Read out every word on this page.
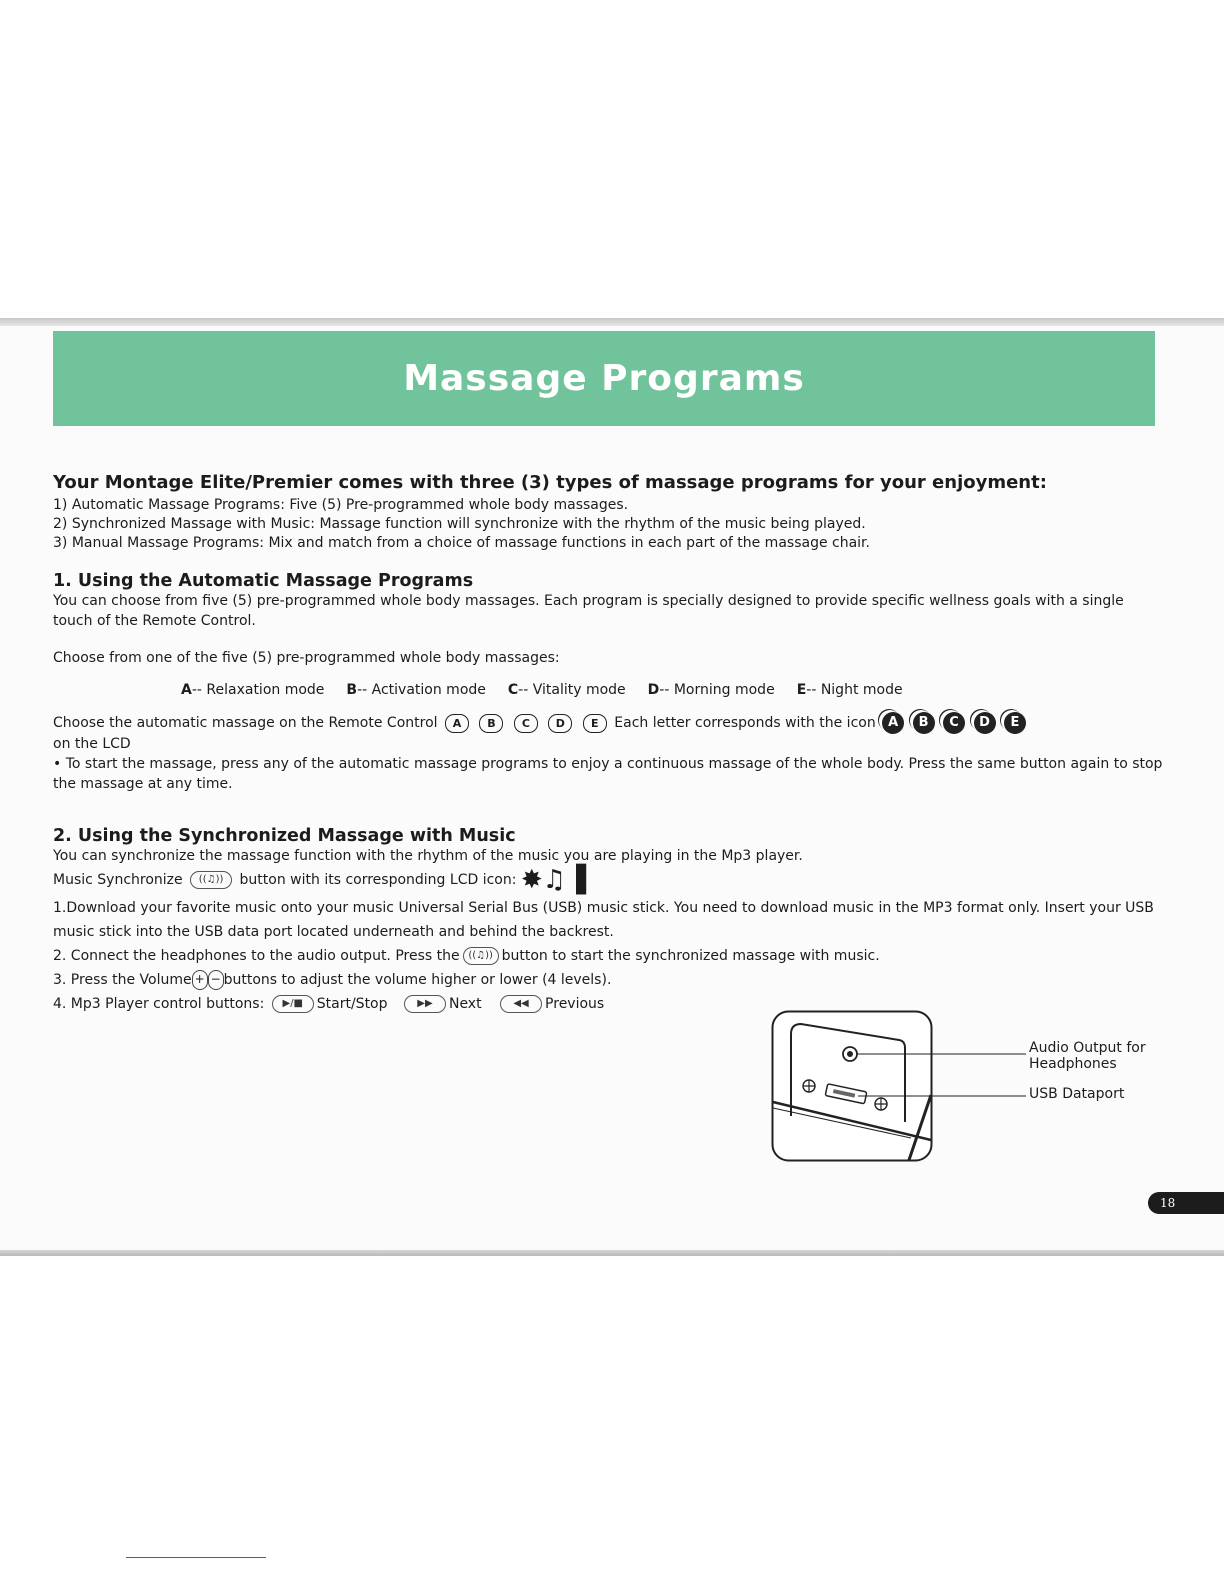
Massage Programs
Your Montage Elite/Premier comes with three (3) types of massage programs for your enjoyment:
1) Automatic Massage Programs: Five (5) Pre-programmed whole body massages.
2) Synchronized Massage with Music: Massage function will synchronize with the rhythm of the music being played.
3) Manual Massage Programs: Mix and match from a choice of massage functions in each part of the massage chair.
1. Using the Automatic Massage Programs

You can choose from five (5) pre-programmed whole body massages. Each program is specially designed to provide specific wellness goals with a single touch of the Remote Control.

Choose from one of the five (5) pre-programmed whole body massages:

A-- Relaxation mode B-- Activation mode C-- Vitality mode D-- Morning mode E-- Night mode

Choose the automatic massage on the Remote Control A B C D E Each letter corresponds with the icon A B C D E
on the LCD

• To start the massage, press any of the automatic massage programs to enjoy a continuous massage of the whole body. Press the same button again to stop the massage at any time.

2. Using the Synchronized Massage with Music

You can synchronize the massage function with the rhythm of the music you are playing in the Mp3 player.

Music Synchronize ((♫)) button with its corresponding LCD icon: ✸♫▐

1.Download your favorite music onto your music Universal Serial Bus (USB) music stick. You need to download music in the MP3 format only. Insert your USB music stick into the USB data port located underneath and behind the backrest.

2. Connect the headphones to the audio output. Press the ((♫)) button to start the synchronized massage with music.

3. Press the Volume + − buttons to adjust the volume higher or lower (4 levels).

4. Mp3 Player control buttons: ▶/■ Start/Stop	▶▶ Next	◀◀ Previous

Audio Output for Headphones
USB Dataport
18
